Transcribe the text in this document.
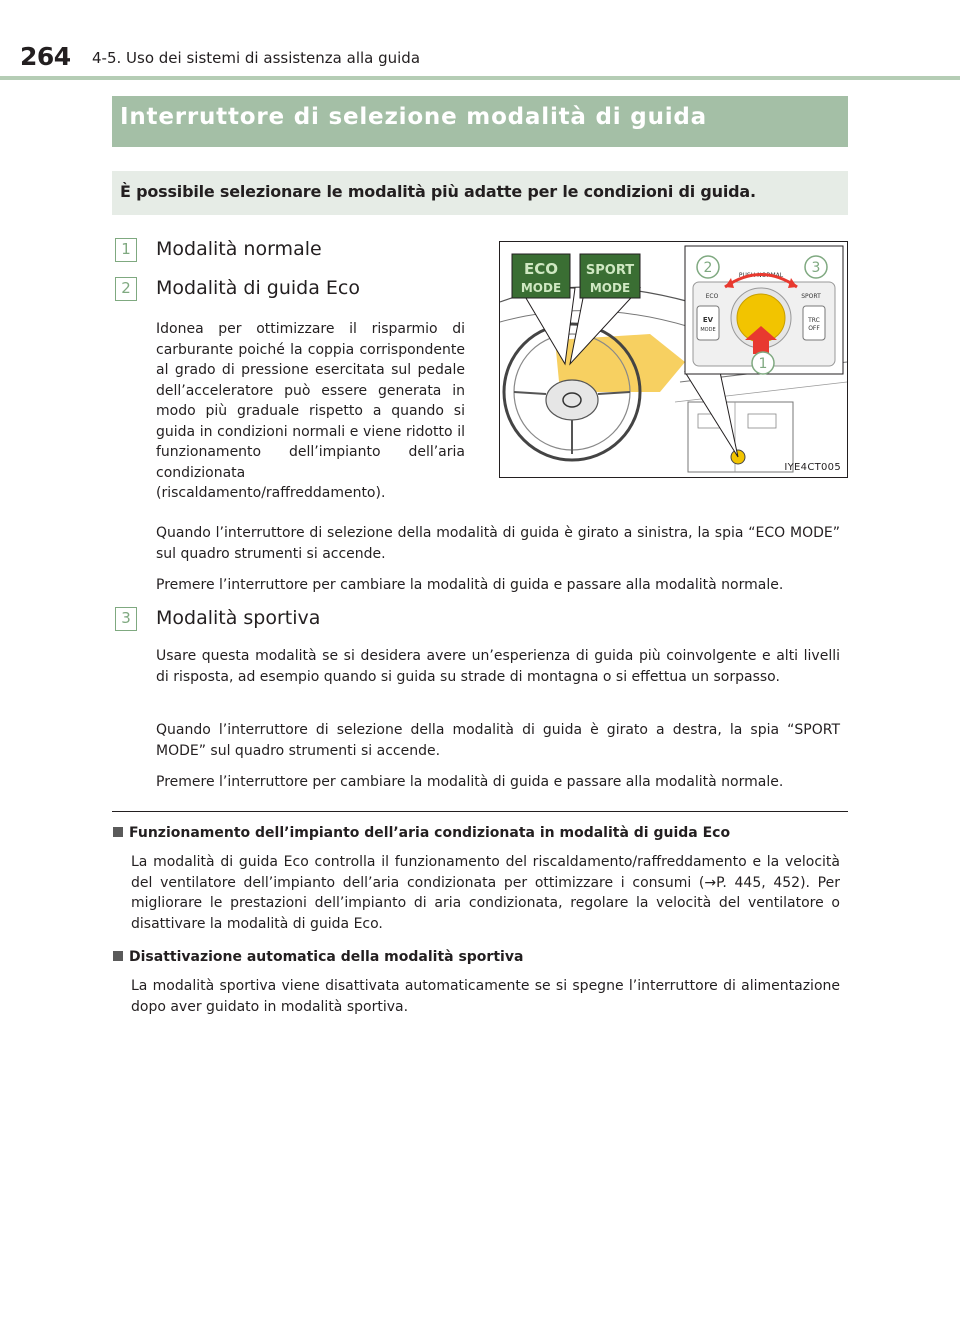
264 4-5. Uso dei sistemi di assistenza alla guida
Interruttore di selezione modalità di guida
È possibile selezionare le modalità più adatte per le condizioni di guida.
1	Modalità normale
2	Modalità di guida Eco
Idonea per ottimizzare il risparmio di carburante poiché la coppia corrispondente al grado di pressione esercitata sul pedale dell’acceleratore può essere generata in modo più graduale rispetto a quando si guida in condizioni normali e viene ridotto il funzionamento dell’impianto dell’aria condizionata (riscaldamento/raffreddamento).
Quando l’interruttore di selezione della modalità di guida è girato a sinistra, la spia “ECO MODE” sul quadro strumenti si accende.
Premere l’interruttore per cambiare la modalità di guida e passare alla modalità normale.
3	Modalità sportiva
Usare questa modalità se si desidera avere un’esperienza di guida più coinvolgente e alti livelli di risposta, ad esempio quando si guida su strade di montagna o si effettua un sorpasso.
Quando l’interruttore di selezione della modalità di guida è girato a destra, la spia “SPORT MODE” sul quadro strumenti si accende.
Premere l’interruttore per cambiare la modalità di guida e passare alla modalità normale.
ECO
MODE
SPORT
MODE
PUSH NORMAL
ECO	SPORT
EV
MODE
TRC
OFF
2	3
1
IYE4CT005
Funzionamento dell’impianto dell’aria condizionata in modalità di guida Eco
La modalità di guida Eco controlla il funzionamento del riscaldamento/raffreddamento e la velocità del ventilatore dell’impianto dell’aria condizionata per ottimizzare i consumi (→P. 445, 452). Per migliorare le prestazioni dell’impianto di aria condizionata, regolare la velocità del ventilatore o disattivare la modalità di guida Eco.
Disattivazione automatica della modalità sportiva
La modalità sportiva viene disattivata automaticamente se si spegne l’interruttore di alimentazione dopo aver guidato in modalità sportiva.
